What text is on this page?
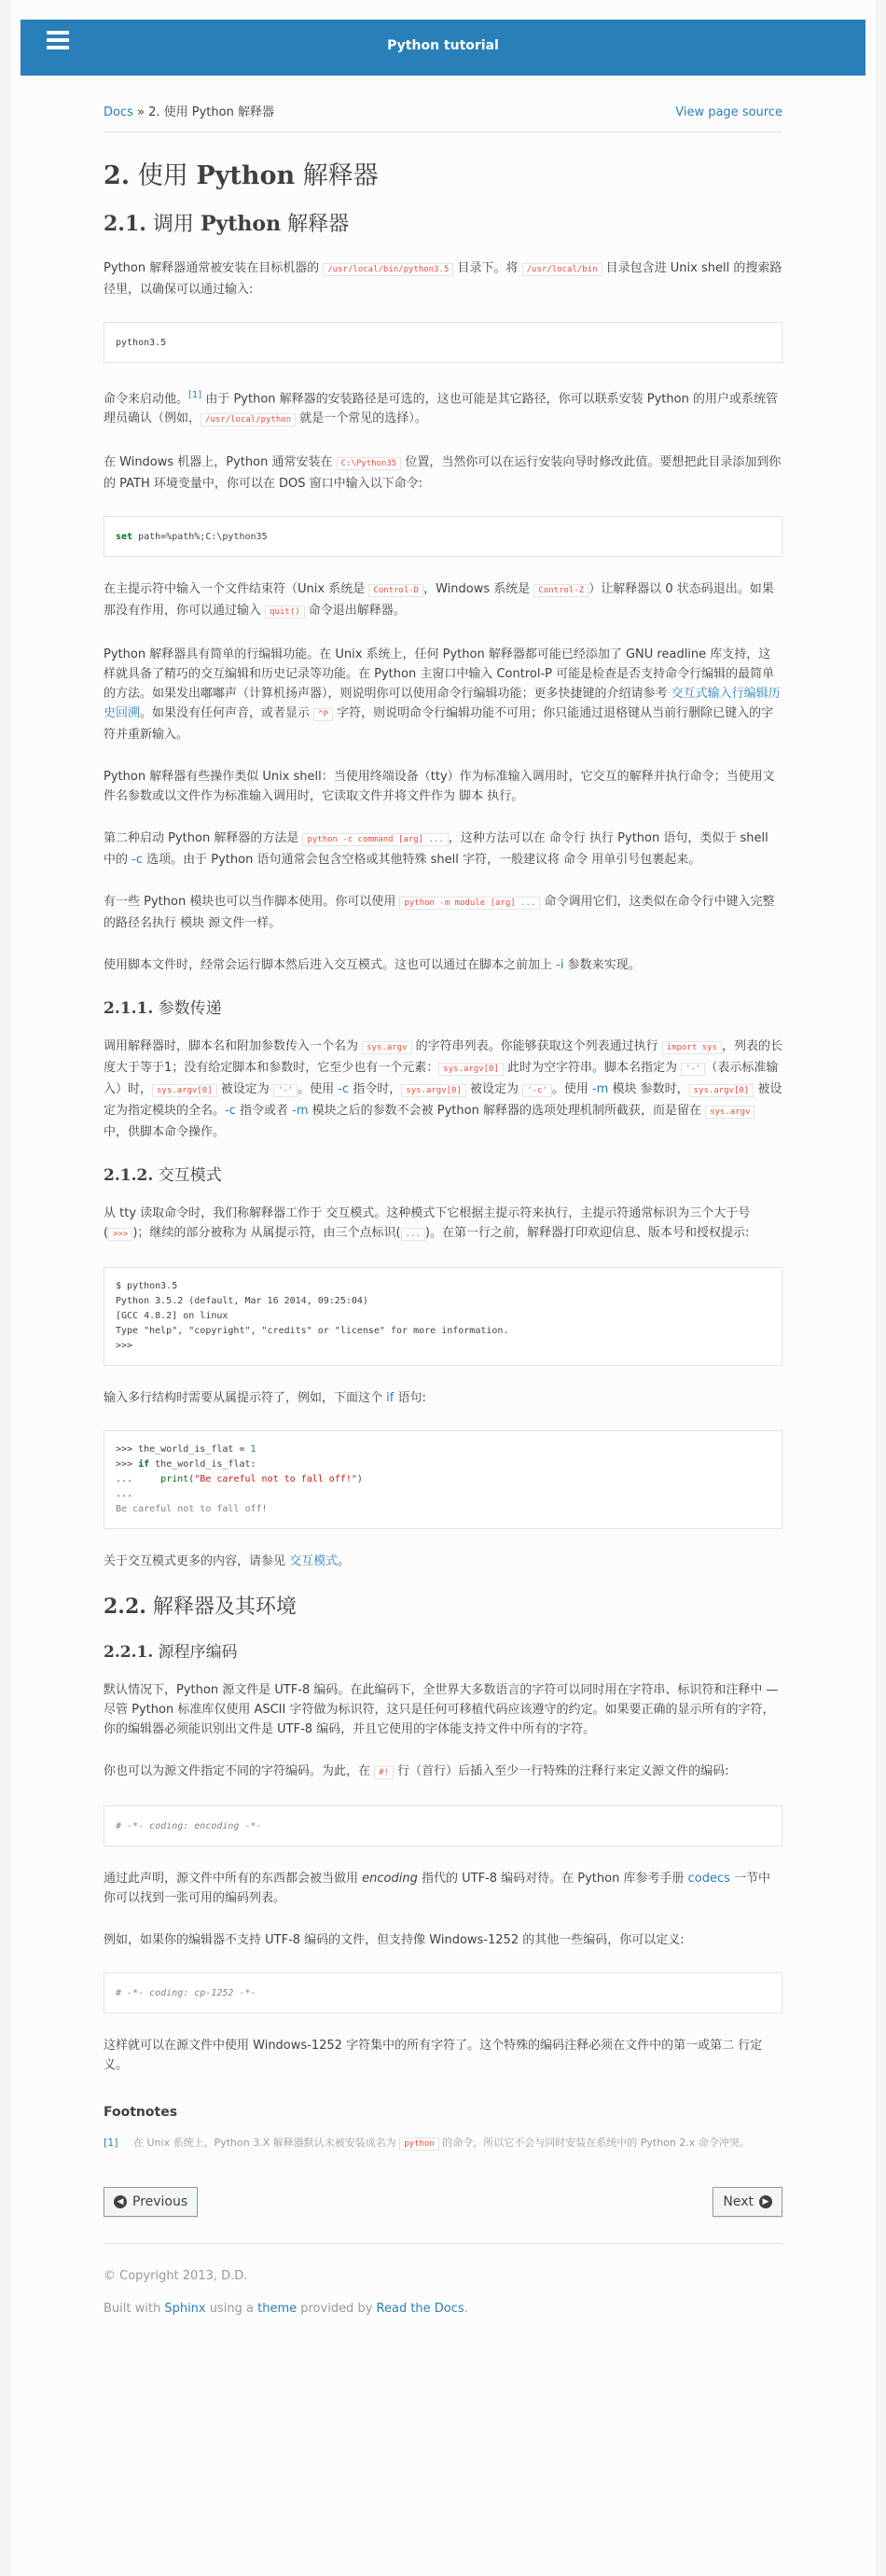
Python tutorial
Docs » 2. 使用 Python 解释器	View page source
2. 使用 Python 解释器
2.1. 调用 Python 解释器

Python 解释器通常被安装在目标机器的 /usr/local/bin/python3.5 目录下。将 /usr/local/bin 目录包含进 Unix shell 的搜索路径里，以确保可以通过输入:

python3.5

命令来启动他。[1] 由于 Python 解释器的安装路径是可选的，这也可能是其它路径，你可以联系安装 Python 的用户或系统管理员确认（例如， /usr/local/python 就是一个常见的选择）。

在 Windows 机器上，Python 通常安装在 C:\Python35 位置，当然你可以在运行安装向导时修改此值。要想把此目录添加到你的 PATH 环境变量中，你可以在 DOS 窗口中输入以下命令:

set path=%path%;C:\python35

在主提示符中输入一个文件结束符（Unix 系统是 Control-D ，Windows 系统是 Control-Z ）让解释器以 0 状态码退出。如果那没有作用，你可以通过输入 quit() 命令退出解释器。

Python 解释器具有简单的行编辑功能。在 Unix 系统上，任何 Python 解释器都可能已经添加了 GNU readline 库支持，这样就具备了精巧的交互编辑和历史记录等功能。在 Python 主窗口中输入 Control-P 可能是检查是否支持命令行编辑的最简单的方法。如果发出嘟嘟声（计算机扬声器），则说明你可以使用命令行编辑功能；更多快捷键的介绍请参考 交互式输入行编辑历史回溯。如果没有任何声音，或者显示 ^P 字符，则说明命令行编辑功能不可用；你只能通过退格键从当前行删除已键入的字符并重新输入。

Python 解释器有些操作类似 Unix shell：当使用终端设备（tty）作为标准输入调用时，它交互的解释并执行命令；当使用文件名参数或以文件作为标准输入调用时，它读取文件并将文件作为 脚本 执行。

第二种启动 Python 解释器的方法是 python -c command [arg] ... ，这种方法可以在 命令行 执行 Python 语句，类似于 shell 中的 -c 选项。由于 Python 语句通常会包含空格或其他特殊 shell 字符，一般建议将 命令 用单引号包裹起来。

有一些 Python 模块也可以当作脚本使用。你可以使用 python -m module [arg] ... 命令调用它们，这类似在命令行中键入完整的路径名执行 模块 源文件一样。

使用脚本文件时，经常会运行脚本然后进入交互模式。这也可以通过在脚本之前加上 -i 参数来实现。

2.1.1. 参数传递

调用解释器时，脚本名和附加参数传入一个名为 sys.argv 的字符串列表。你能够获取这个列表通过执行 import sys ，列表的长度大于等于1；没有给定脚本和参数时，它至少也有一个元素： sys.argv[0] 此时为空字符串。脚本名指定为 '-' （表示标准输入）时， sys.argv[0] 被设定为 '-' 。使用 -c 指令时， sys.argv[0] 被设定为 '-c' 。使用 -m 模块 参数时， sys.argv[0] 被设定为指定模块的全名。-c 指令或者 -m 模块之后的参数不会被 Python 解释器的选项处理机制所截获，而是留在 sys.argv 中，供脚本命令操作。

2.1.2. 交互模式

从 tty 读取命令时，我们称解释器工作于 交互模式。这种模式下它根据主提示符来执行，主提示符通常标识为三个大于号( >>> )；继续的部分被称为 从属提示符，由三个点标识( ... )。在第一行之前，解释器打印欢迎信息、版本号和授权提示:

$ python3.5
Python 3.5.2 (default, Mar 16 2014, 09:25:04)
[GCC 4.8.2] on linux
Type "help", "copyright", "credits" or "license" for more information.
>>>

输入多行结构时需要从属提示符了，例如，下面这个 if 语句:

>>> the_world_is_flat = 1
>>> if the_world_is_flat:
...     print("Be careful not to fall off!")
...
Be careful not to fall off!

关于交互模式更多的内容，请参见 交互模式。

2.2. 解释器及其环境
2.2.1. 源程序编码

默认情况下，Python 源文件是 UTF-8 编码。在此编码下，全世界大多数语言的字符可以同时用在字符串、标识符和注释中 — 尽管 Python 标准库仅使用 ASCII 字符做为标识符，这只是任何可移植代码应该遵守的约定。如果要正确的显示所有的字符，你的编辑器必须能识别出文件是 UTF-8 编码，并且它使用的字体能支持文件中所有的字符。

你也可以为源文件指定不同的字符编码。为此，在 #! 行（首行）后插入至少一行特殊的注释行来定义源文件的编码:

# -*- coding: encoding -*-

通过此声明，源文件中所有的东西都会被当做用 encoding 指代的 UTF-8 编码对待。在 Python 库参考手册 codecs 一节中你可以找到一张可用的编码列表。

例如，如果你的编辑器不支持 UTF-8 编码的文件，但支持像 Windows-1252 的其他一些编码，你可以定义:

# -*- coding: cp-1252 -*-

这样就可以在源文件中使用 Windows-1252 字符集中的所有字符了。这个特殊的编码注释必须在文件中的第一或第二 行定义。

Footnotes
[1]	在 Unix 系统上，Python 3.X 解释器默认未被安装成名为 python 的命令，所以它不会与同时安装在系统中的 Python 2.x 命令冲突。
◀ Previous	Next	▶

© Copyright 2013, D.D.

Built with Sphinx using a theme provided by Read the Docs.
